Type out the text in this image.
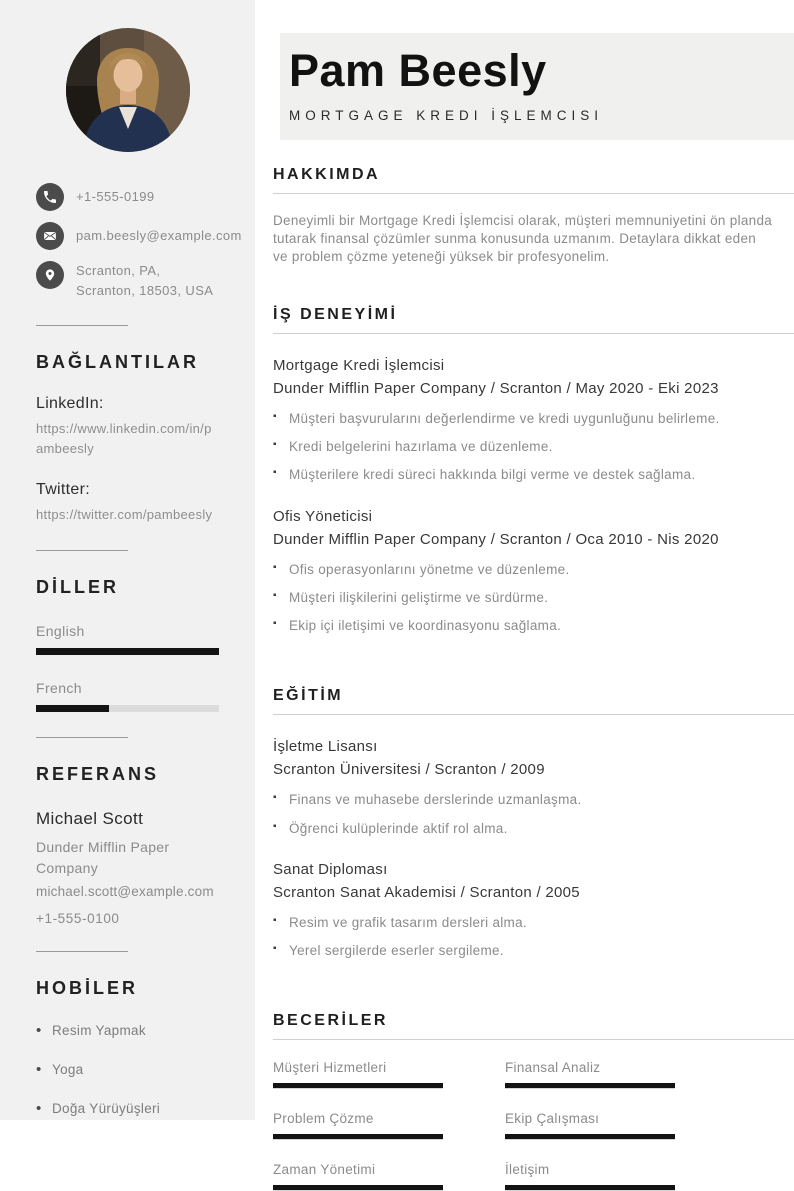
+1-555-0199
pam.beesly@example.com
Scranton, PA, Scranton, 18503, USA
BAĞLANTILAR
LinkedIn:
https://www.linkedin.com/in/pambeesly
Twitter:
https://twitter.com/pambeesly
DİLLER
English
French
REFERANS
Michael Scott
Dunder Mifflin Paper Company
michael.scott@example.com
+1-555-0100
HOBİLER
• Resim Yapmak
• Yoga
• Doğa Yürüyüşleri
Pam Beesly
MORTGAGE KREDI İŞLEMCISI
HAKKIMDA

Deneyimli bir Mortgage Kredi İşlemcisi olarak, müşteri memnuniyetini ön planda tutarak finansal çözümler sunma konusunda uzmanım. Detaylara dikkat eden ve problem çözme yeteneği yüksek bir profesyonelim.

İŞ DENEYİMİ
Mortgage Kredi İşlemcisi
Dunder Mifflin Paper Company / Scranton / May 2020 - Eki 2023
▪ Müşteri başvurularını değerlendirme ve kredi uygunluğunu belirleme.
▪ Kredi belgelerini hazırlama ve düzenleme.
▪ Müşterilere kredi süreci hakkında bilgi verme ve destek sağlama.
Ofis Yöneticisi
Dunder Mifflin Paper Company / Scranton / Oca 2010 - Nis 2020
▪ Ofis operasyonlarını yönetme ve düzenleme.
▪ Müşteri ilişkilerini geliştirme ve sürdürme.
▪ Ekip içi iletişimi ve koordinasyonu sağlama.
EĞİTİM
İşletme Lisansı
Scranton Üniversitesi / Scranton / 2009
▪ Finans ve muhasebe derslerinde uzmanlaşma.
▪ Öğrenci kulüplerinde aktif rol alma.
Sanat Diploması
Scranton Sanat Akademisi / Scranton / 2005
▪ Resim ve grafik tasarım dersleri alma.
▪ Yerel sergilerde eserler sergileme.
BECERİLER
Müşteri Hizmetleri	Finansal Analiz
Problem Çözme	Ekip Çalışması
Zaman Yönetimi	İletişim
